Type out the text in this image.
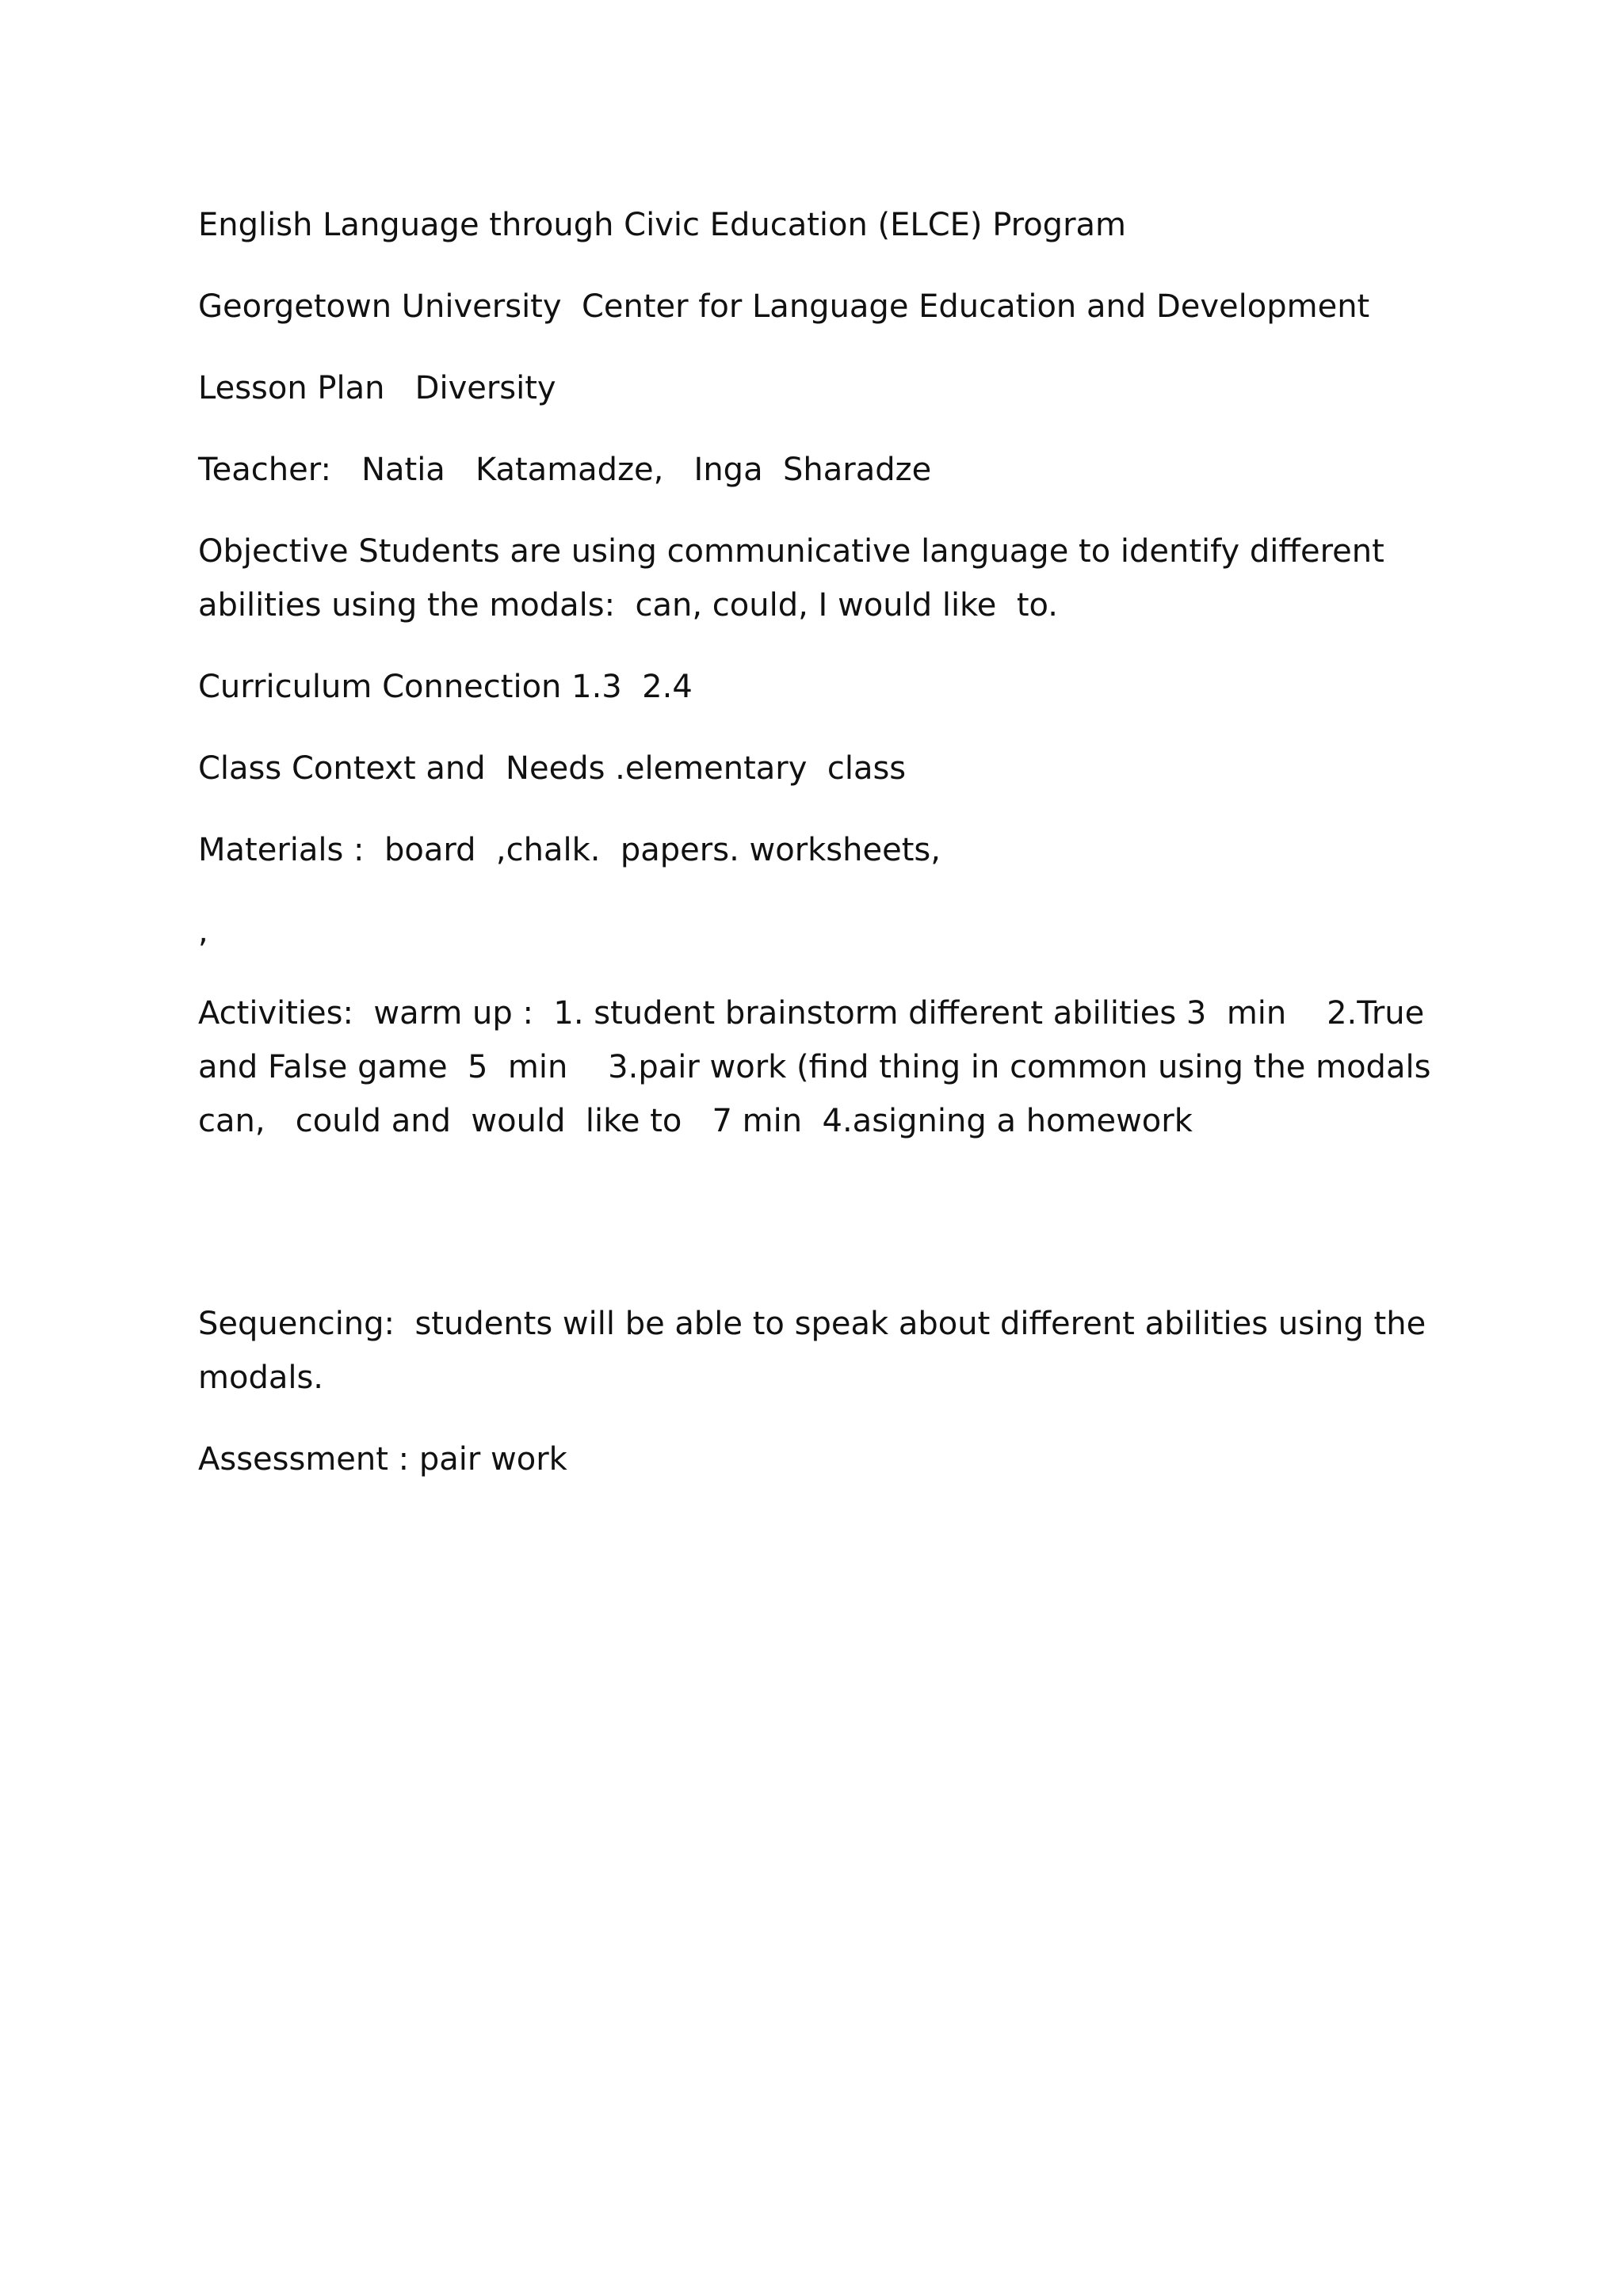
English Language through Civic Education (ELCE) Program

Georgetown University  Center for Language Education and Development

Lesson Plan   Diversity

Teacher:   Natia   Katamadze,   Inga  Sharadze

Objective Students are using communicative language to identify different abilities using the modals:  can, could, I would like  to.

Curriculum Connection 1.3  2.4

Class Context and  Needs .elementary  class

Materials :  board  ,chalk.  papers. worksheets,

,

Activities:  warm up :  1. student brainstorm different abilities 3  min    2.True and False game  5  min    3.pair work (find thing in common using the modals can,   could and  would  like to   7 min  4.asigning a homework

Sequencing:  students will be able to speak about different abilities using the modals.

Assessment : pair work
